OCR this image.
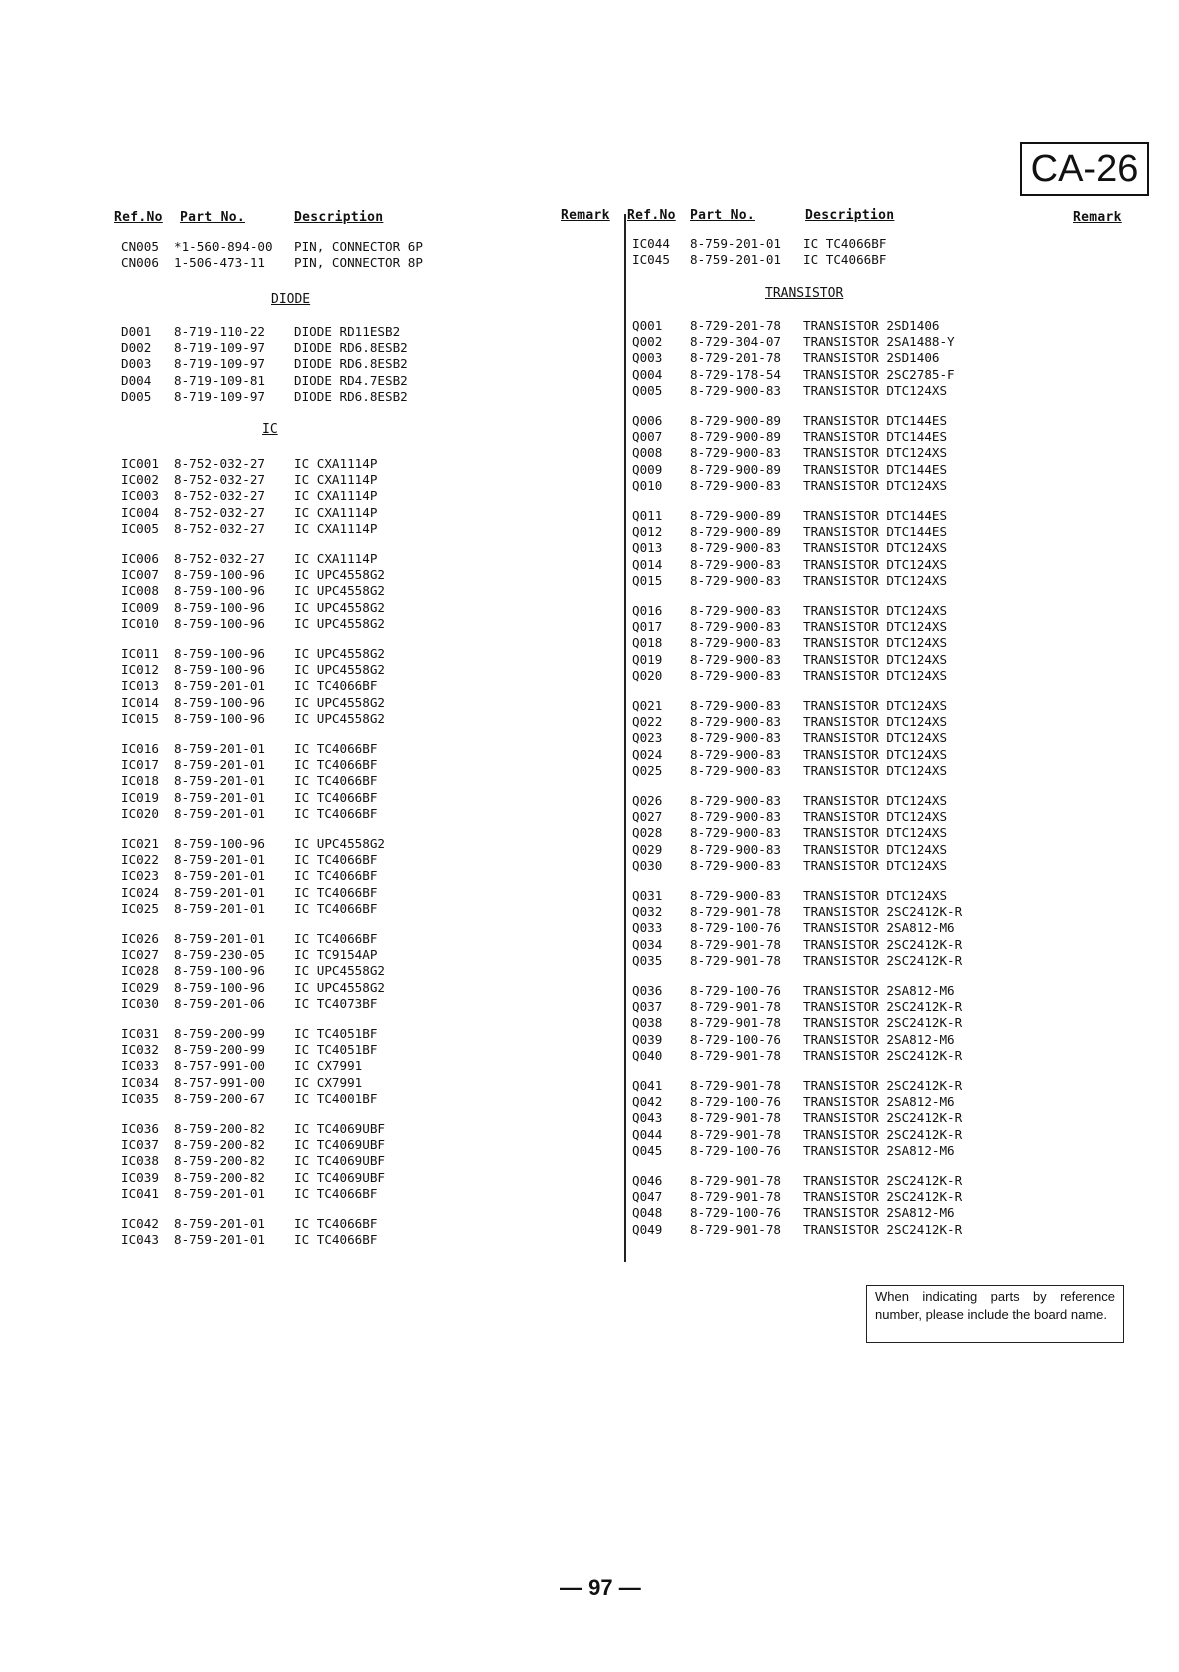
CA-26
Ref.No Part No.	Description	Remark Ref.No Part No.	Description	Remark
DIODE
IC
TRANSISTOR
CN005 *1-560-894-00 PIN, CONNECTOR 6P
CN006 1-506-473-11 PIN, CONNECTOR 8P
D001 8-719-110-22 DIODE RD11ESB2
D002 8-719-109-97 DIODE RD6.8ESB2
D003 8-719-109-97 DIODE RD6.8ESB2
D004 8-719-109-81 DIODE RD4.7ESB2
D005 8-719-109-97 DIODE RD6.8ESB2
IC001 8-752-032-27 IC CXA1114P
IC002 8-752-032-27 IC CXA1114P
IC003 8-752-032-27 IC CXA1114P
IC004 8-752-032-27 IC CXA1114P
IC005 8-752-032-27 IC CXA1114P
IC006 8-752-032-27 IC CXA1114P
IC007 8-759-100-96 IC UPC4558G2
IC008 8-759-100-96 IC UPC4558G2
IC009 8-759-100-96 IC UPC4558G2
IC010 8-759-100-96 IC UPC4558G2
IC011 8-759-100-96 IC UPC4558G2
IC012 8-759-100-96 IC UPC4558G2
IC013 8-759-201-01 IC TC4066BF
IC014 8-759-100-96 IC UPC4558G2
IC015 8-759-100-96 IC UPC4558G2
IC016 8-759-201-01 IC TC4066BF
IC017 8-759-201-01 IC TC4066BF
IC018 8-759-201-01 IC TC4066BF
IC019 8-759-201-01 IC TC4066BF
IC020 8-759-201-01 IC TC4066BF
IC021 8-759-100-96 IC UPC4558G2
IC022 8-759-201-01 IC TC4066BF
IC023 8-759-201-01 IC TC4066BF
IC024 8-759-201-01 IC TC4066BF
IC025 8-759-201-01 IC TC4066BF
IC026 8-759-201-01 IC TC4066BF
IC027 8-759-230-05 IC TC9154AP
IC028 8-759-100-96 IC UPC4558G2
IC029 8-759-100-96 IC UPC4558G2
IC030 8-759-201-06 IC TC4073BF
IC031 8-759-200-99 IC TC4051BF
IC032 8-759-200-99 IC TC4051BF
IC033 8-757-991-00 IC CX7991
IC034 8-757-991-00 IC CX7991
IC035 8-759-200-67 IC TC4001BF
IC036 8-759-200-82 IC TC4069UBF
IC037 8-759-200-82 IC TC4069UBF
IC038 8-759-200-82 IC TC4069UBF
IC039 8-759-200-82 IC TC4069UBF
IC041 8-759-201-01 IC TC4066BF
IC042 8-759-201-01 IC TC4066BF
IC043 8-759-201-01 IC TC4066BF
IC044 8-759-201-01 IC TC4066BF
IC045 8-759-201-01 IC TC4066BF
Q001 8-729-201-78 TRANSISTOR 2SD1406
Q002 8-729-304-07 TRANSISTOR 2SA1488-Y
Q003 8-729-201-78 TRANSISTOR 2SD1406
Q004 8-729-178-54 TRANSISTOR 2SC2785-F
Q005 8-729-900-83 TRANSISTOR DTC124XS
Q006 8-729-900-89 TRANSISTOR DTC144ES
Q007 8-729-900-89 TRANSISTOR DTC144ES
Q008 8-729-900-83 TRANSISTOR DTC124XS
Q009 8-729-900-89 TRANSISTOR DTC144ES
Q010 8-729-900-83 TRANSISTOR DTC124XS
Q011 8-729-900-89 TRANSISTOR DTC144ES
Q012 8-729-900-89 TRANSISTOR DTC144ES
Q013 8-729-900-83 TRANSISTOR DTC124XS
Q014 8-729-900-83 TRANSISTOR DTC124XS
Q015 8-729-900-83 TRANSISTOR DTC124XS
Q016 8-729-900-83 TRANSISTOR DTC124XS
Q017 8-729-900-83 TRANSISTOR DTC124XS
Q018 8-729-900-83 TRANSISTOR DTC124XS
Q019 8-729-900-83 TRANSISTOR DTC124XS
Q020 8-729-900-83 TRANSISTOR DTC124XS
Q021 8-729-900-83 TRANSISTOR DTC124XS
Q022 8-729-900-83 TRANSISTOR DTC124XS
Q023 8-729-900-83 TRANSISTOR DTC124XS
Q024 8-729-900-83 TRANSISTOR DTC124XS
Q025 8-729-900-83 TRANSISTOR DTC124XS
Q026 8-729-900-83 TRANSISTOR DTC124XS
Q027 8-729-900-83 TRANSISTOR DTC124XS
Q028 8-729-900-83 TRANSISTOR DTC124XS
Q029 8-729-900-83 TRANSISTOR DTC124XS
Q030 8-729-900-83 TRANSISTOR DTC124XS
Q031 8-729-900-83 TRANSISTOR DTC124XS
Q032 8-729-901-78 TRANSISTOR 2SC2412K-R
Q033 8-729-100-76 TRANSISTOR 2SA812-M6
Q034 8-729-901-78 TRANSISTOR 2SC2412K-R
Q035 8-729-901-78 TRANSISTOR 2SC2412K-R
Q036 8-729-100-76 TRANSISTOR 2SA812-M6
Q037 8-729-901-78 TRANSISTOR 2SC2412K-R
Q038 8-729-901-78 TRANSISTOR 2SC2412K-R
Q039 8-729-100-76 TRANSISTOR 2SA812-M6
Q040 8-729-901-78 TRANSISTOR 2SC2412K-R
Q041 8-729-901-78 TRANSISTOR 2SC2412K-R
Q042 8-729-100-76 TRANSISTOR 2SA812-M6
Q043 8-729-901-78 TRANSISTOR 2SC2412K-R
Q044 8-729-901-78 TRANSISTOR 2SC2412K-R
Q045 8-729-100-76 TRANSISTOR 2SA812-M6
Q046 8-729-901-78 TRANSISTOR 2SC2412K-R
Q047 8-729-901-78 TRANSISTOR 2SC2412K-R
Q048 8-729-100-76 TRANSISTOR 2SA812-M6
Q049 8-729-901-78 TRANSISTOR 2SC2412K-R
When indicating parts by reference number, please include the board name.
— 97 —
